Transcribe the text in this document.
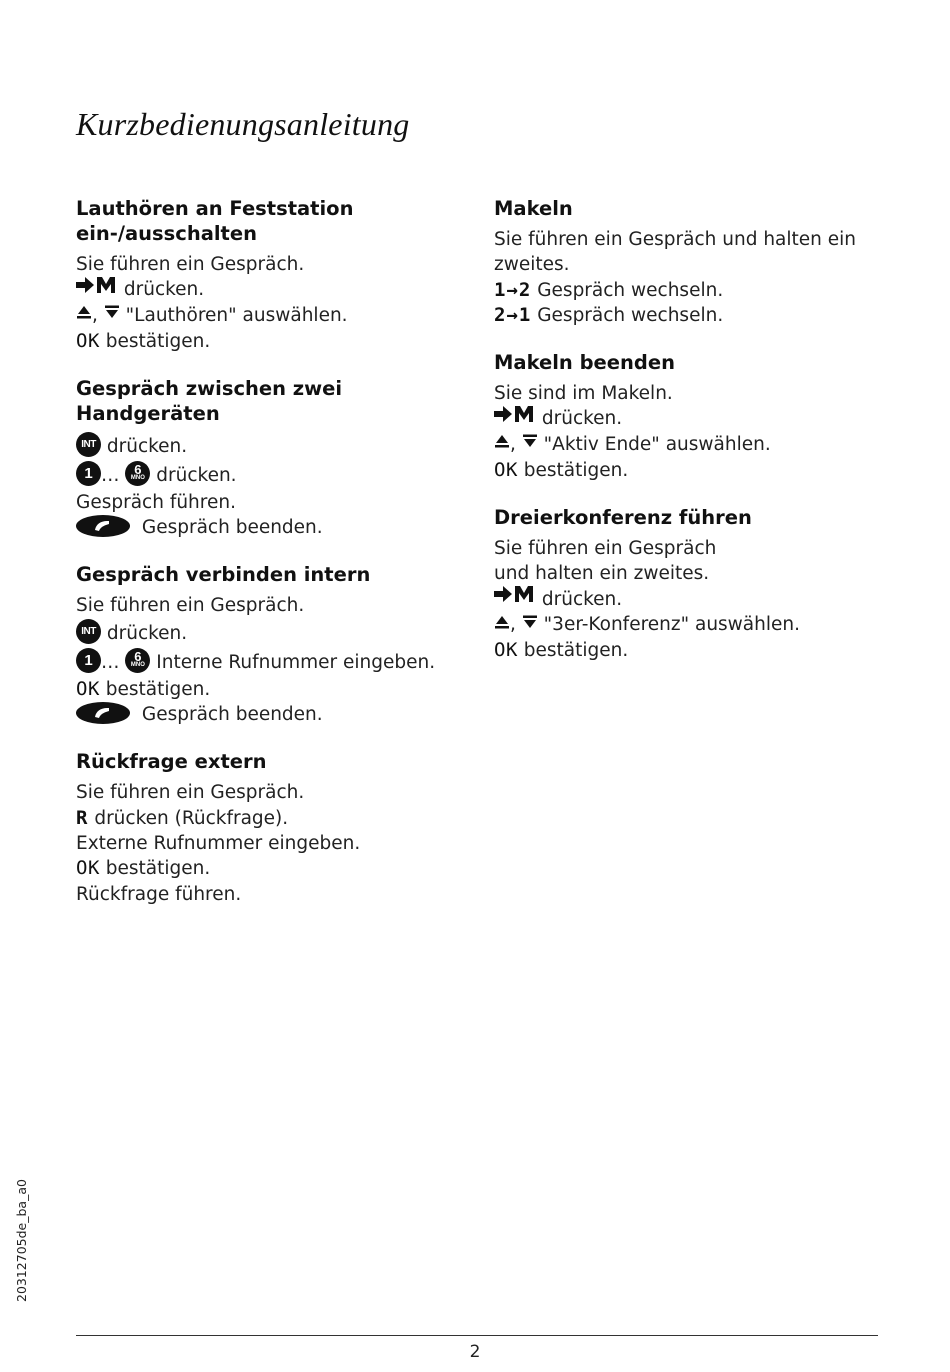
Kurzbedienungsanleitung
Lauthören an Feststation
ein-/ausschalten
Sie führen ein Gespräch.
drücken.
,  "Lauthören" auswählen.
OK bestätigen.
Gespräch zwischen zwei
Handgeräten
INT drücken.
1 …	6
MNO drücken.
Gespräch führen.
Gespräch beenden.
Gespräch verbinden intern
Sie führen ein Gespräch.
INT drücken.
1 …	6
MNO Interne Rufnummer eingeben.
OK bestätigen.
Gespräch beenden.
Rückfrage extern
Sie führen ein Gespräch.
R drücken (Rückfrage).
Externe Rufnummer eingeben.
OK bestätigen.
Rückfrage führen.
Makeln
Sie führen ein Gespräch und halten ein
zweites.
1→2 Gespräch wechseln.
2→1 Gespräch wechseln.
Makeln beenden
Sie sind im Makeln.
drücken.
,  "Aktiv Ende" auswählen.
OK bestätigen.
Dreierkonferenz führen
Sie führen ein Gespräch
und halten ein zweites.
drücken.
,  "3er-Konferenz" auswählen.
OK bestätigen.
20312705de_ba_a0
2
